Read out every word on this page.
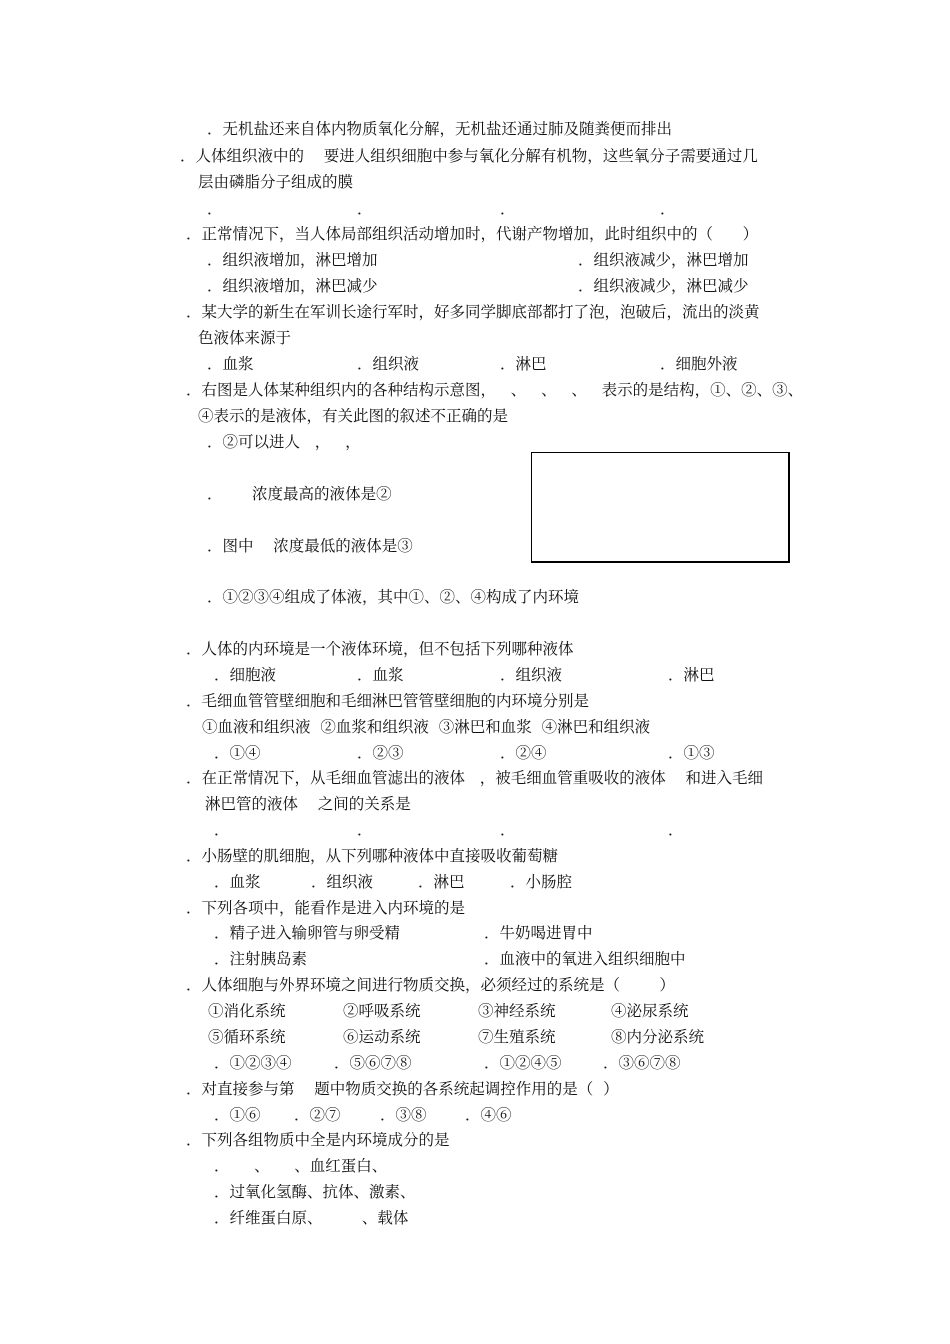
．无机盐还来自体内物质氧化分解，无机盐还通过肺及随粪便而排出
．人体组织液中的    要进人组织细胞中参与氧化分解有机物，这些氧分子需要通过几
层由磷脂分子组成的膜
．	．	．	．
．正常情况下，当人体局部组织活动增加时，代谢产物增加，此时组织中的（      ）
．组织液增加，淋巴增加	．组织液减少，淋巴增加
．组织液增加，淋巴减少	．组织液减少，淋巴减少
．某大学的新生在军训长途行军时，好多同学脚底部都打了泡，泡破后，流出的淡黄
色液体来源于
．血浆	．组织液	．淋巴	．细胞外液
．右图是人体某种组织内的各种结构示意图，   、   、   、   表示的是结构，①、②、③、
④表示的是液体，有关此图的叙述不正确的是
．②可以进人   ，   ，
．      浓度最高的液体是②
．图中    浓度最低的液体是③
．①②③④组成了体液，其中①、②、④构成了内环境
．人体的内环境是一个液体环境，但不包括下列哪种液体
．细胞液	．血浆	．组织液	．淋巴
．毛细血管管壁细胞和毛细淋巴管管壁细胞的内环境分别是
①血液和组织液  ②血浆和组织液  ③淋巴和血浆  ④淋巴和组织液
．①④	．②③	．②④	．①③
．在正常情况下，从毛细血管滤出的液体   ，被毛细血管重吸收的液体    和进入毛细
淋巴管的液体    之间的关系是
．	．	．	．
．小肠壁的肌细胞，从下列哪种液体中直接吸收葡萄糖
．血浆	．组织液	．淋巴	．小肠腔
．下列各项中，能看作是进入内环境的是
．精子进入输卵管与卵受精	．牛奶喝进胃中
．注射胰岛素	．血液中的氧进入组织细胞中
．人体细胞与外界环境之间进行物质交换，必须经过的系统是（        ）
①消化系统	②呼吸系统	③神经系统	④泌尿系统
⑤循环系统	⑥运动系统	⑦生殖系统	⑧内分泌系统
．①②③④	．⑤⑥⑦⑧	．①②④⑤	．③⑥⑦⑧
．对直接参与第    题中物质交换的各系统起调控作用的是（  ）
．①⑥ ．②⑦	．③⑧ ．④⑥
．下列各组物质中全是内环境成分的是
．     、     、血红蛋白、
．过氧化氢酶、抗体、激素、
．纤维蛋白原、        、载体
